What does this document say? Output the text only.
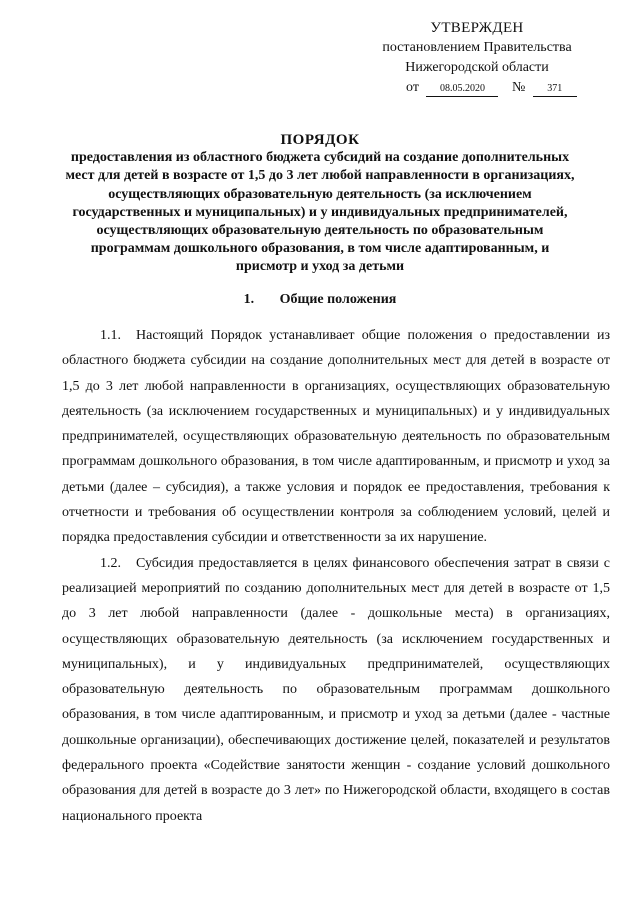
УТВЕРЖДЕН
постановлением Правительства
Нижегородской области
от 08.05.2020 № 371
ПОРЯДОК
предоставления из областного бюджета субсидий на создание дополнительных
мест для детей в возрасте от 1,5 до 3 лет любой направленности в организациях,
осуществляющих образовательную деятельность (за исключением
государственных и муниципальных) и у индивидуальных предпринимателей,
осуществляющих образовательную деятельность по образовательным
программам дошкольного образования, в том числе адаптированным, и
присмотр и уход за детьми
1. Общие положения

1.1. Настоящий Порядок устанавливает общие положения о предоставлении из областного бюджета субсидии на создание дополнительных мест для детей в возрасте от 1,5 до 3 лет любой направленности в организациях, осуществляющих образовательную деятельность (за исключением государственных и муниципальных) и у индивидуальных предпринимателей, осуществляющих образовательную деятельность по образовательным программам дошкольного образования, в том числе адаптированным, и присмотр и уход за детьми (далее – субсидия), а также условия и порядок ее предоставления, требования к отчетности и требования об осуществлении контроля за соблюдением условий, целей и порядка предоставления субсидии и ответственности за их нарушение.

1.2. Субсидия предоставляется в целях финансового обеспечения затрат в связи с реализацией мероприятий по созданию дополнительных мест для детей в возрасте от 1,5 до 3 лет любой направленности (далее - дошкольные места) в организациях, осуществляющих образовательную деятельность (за исключением государственных и муниципальных), и у индивидуальных предпринимателей, осуществляющих образовательную деятельность по образовательным программам дошкольного образования, в том числе адаптированным, и присмотр и уход за детьми (далее - частные дошкольные организации), обеспечивающих достижение целей, показателей и результатов федерального проекта «Содействие занятости женщин - создание условий дошкольного образования для детей в возрасте до 3 лет» по Нижегородской области, входящего в состав национального проекта
